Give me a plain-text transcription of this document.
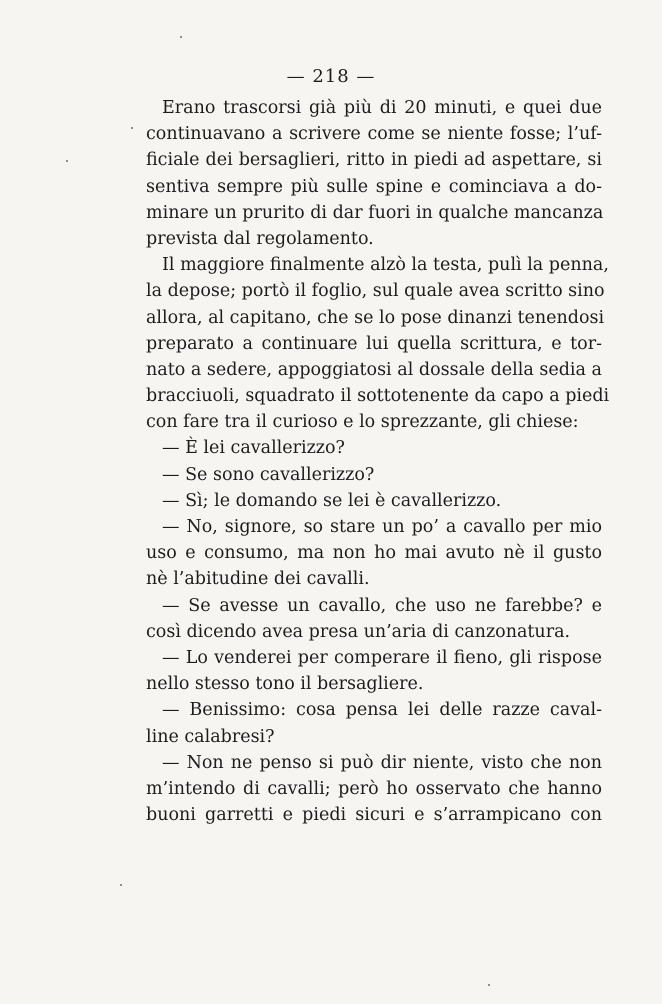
— 218 —
Erano trascorsi già più di 20 minuti, e quei due
continuavano a scrivere come se niente fosse; l’uf-
ficiale dei bersaglieri, ritto in piedi ad aspettare, si
sentiva sempre più sulle spine e cominciava a do-
minare un prurito di dar fuori in qualche mancanza
prevista dal regolamento.
Il maggiore finalmente alzò la testa, pulì la penna,
la depose; portò il foglio, sul quale avea scritto sino
allora, al capitano, che se lo pose dinanzi tenendosi
preparato a continuare lui quella scrittura, e tor-
nato a sedere, appoggiatosi al dossale della sedia a
bracciuoli, squadrato il sottotenente da capo a piedi
con fare tra il curioso e lo sprezzante, gli chiese:
— È lei cavallerizzo?
— Se sono cavallerizzo?
— Sì; le domando se lei è cavallerizzo.
— No, signore, so stare un po’ a cavallo per mio
uso e consumo, ma non ho mai avuto nè il gusto
nè l’abitudine dei cavalli.
— Se avesse un cavallo, che uso ne farebbe? e
così dicendo avea presa un’aria di canzonatura.
— Lo venderei per comperare il fieno, gli rispose
nello stesso tono il bersagliere.
— Benissimo: cosa pensa lei delle razze caval-
line calabresi?
— Non ne penso si può dir niente, visto che non
m’intendo di cavalli; però ho osservato che hanno
buoni garretti e piedi sicuri e s’arrampicano con
